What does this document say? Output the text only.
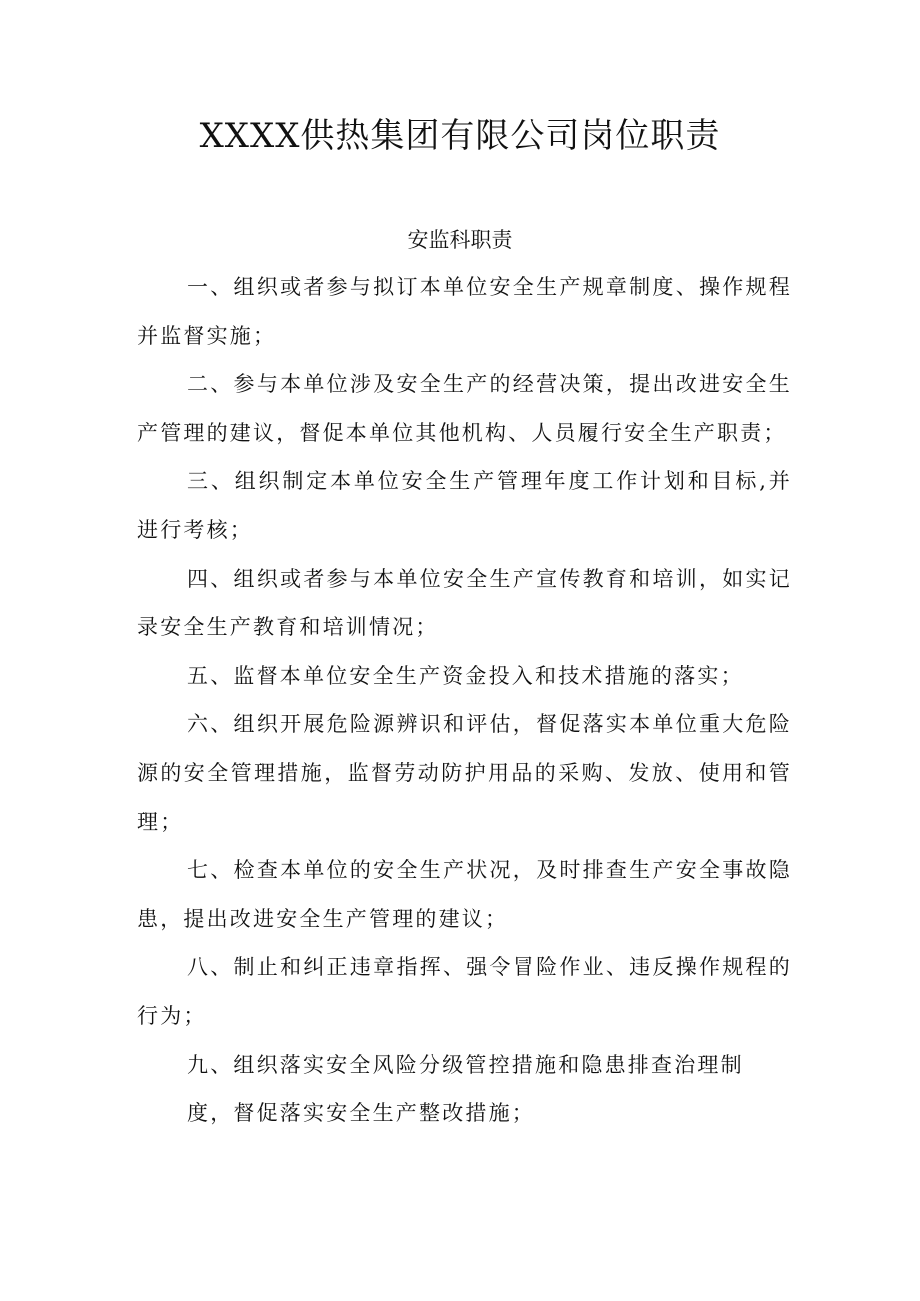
XXXX供热集团有限公司岗位职责
安监科职责

一、组织或者参与拟订本单位安全生产规章制度、操作规程并监督实施；

二、参与本单位涉及安全生产的经营决策，提出改进安全生产管理的建议，督促本单位其他机构、人员履行安全生产职责；

三、组织制定本单位安全生产管理年度工作计划和目标,并进行考核；

四、组织或者参与本单位安全生产宣传教育和培训，如实记录安全生产教育和培训情况；

五、监督本单位安全生产资金投入和技术措施的落实；

六、组织开展危险源辨识和评估，督促落实本单位重大危险源的安全管理措施，监督劳动防护用品的采购、发放、使用和管理；

七、检查本单位的安全生产状况，及时排查生产安全事故隐患，提出改进安全生产管理的建议；

八、制止和纠正违章指挥、强令冒险作业、违反操作规程的行为；

九、组织落实安全风险分级管控措施和隐患排查治理制

度，督促落实安全生产整改措施；
